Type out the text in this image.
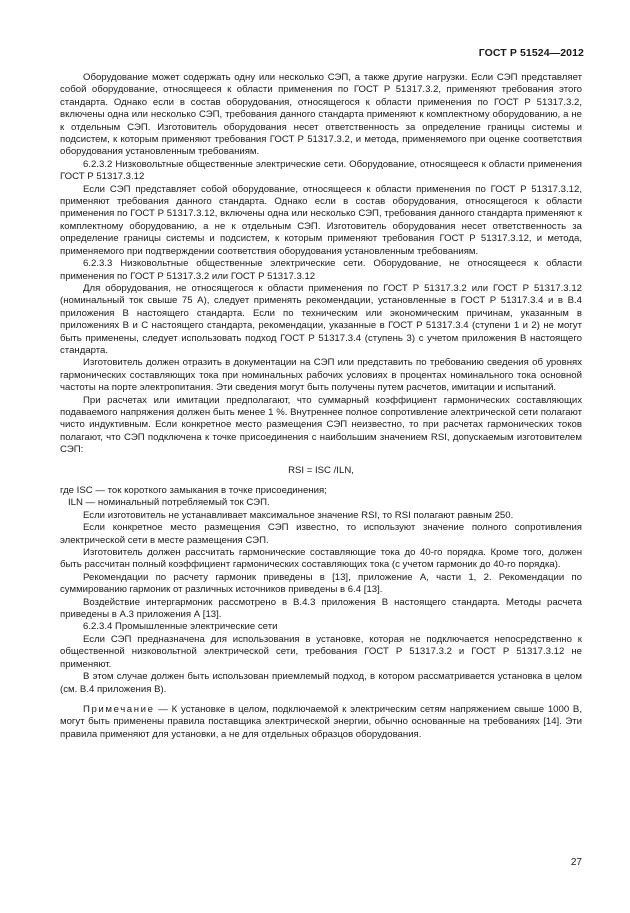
ГОСТ Р 51524—2012

Оборудование может содержать одну или несколько СЭП, а также другие нагрузки. Если СЭП представляет собой оборудование, относящееся к области применения по ГОСТ Р 51317.3.2, применяют требования этого стандарта. Однако если в состав оборудования, относящегося к области применения по ГОСТ Р 51317.3.2, включены одна или несколько СЭП, требования данного стандарта применяют к комплектному оборудованию, а не к отдельным СЭП. Изготовитель оборудования несет ответственность за определение границы системы и подсистем, к которым применяют требования ГОСТ Р 51317.3.2, и метода, применяемого при оценке соответствия оборудования установленным требованиям.

6.2.3.2 Низковольтные общественные электрические сети. Оборудование, относящееся к области применения ГОСТ Р 51317.3.12

Если СЭП представляет собой оборудование, относящееся к области применения по ГОСТ Р 51317.3.12, применяют требования данного стандарта. Однако если в состав оборудования, относящегося к области применения по ГОСТ Р 51317.3.12, включены одна или несколько СЭП, требования данного стандарта применяют к комплектному оборудованию, а не к отдельным СЭП. Изготовитель оборудования несет ответственность за определение границы системы и подсистем, к которым применяют требования ГОСТ Р 51317.3.12, и метода, применяемого при подтверждении соответствия оборудования установленным требованиям.

6.2.3.3 Низковольтные общественные электрические сети. Оборудование, не относящееся к области применения по ГОСТ Р 51317.3.2 или ГОСТ Р 51317.3.12

Для оборудования, не относящегося к области применения по ГОСТ Р 51317.3.2 или ГОСТ Р 51317.3.12 (номинальный ток свыше 75 А), следует применять рекомендации, установленные в ГОСТ Р 51317.3.4 и в В.4 приложения В настоящего стандарта. Если по техническим или экономическим причинам, указанным в приложениях В и С настоящего стандарта, рекомендации, указанные в ГОСТ Р 51317.3.4 (ступени 1 и 2) не могут быть применены, следует использовать подход ГОСТ Р 51317.3.4 (ступень 3) с учетом приложения В настоящего стандарта.

Изготовитель должен отразить в документации на СЭП или представить по требованию сведения об уровнях гармонических составляющих тока при номинальных рабочих условиях в процентах номинального тока основной частоты на порте электропитания. Эти сведения могут быть получены путем расчетов, имитации и испытаний.

При расчетах или имитации предполагают, что суммарный коэффициент гармонических составляющих подаваемого напряжения должен быть менее 1 %. Внутреннее полное сопротивление электрической сети полагают чисто индуктивным. Если конкретное место размещения СЭП неизвестно, то при расчетах гармонических токов полагают, что СЭП подключена к точке присоединения с наибольшим значением RSI, допускаемым изготовителем СЭП:

RSI = ISC /ILN,

где ISC — ток короткого замыкания в точке присоединения;

ILN — номинальный потребляемый ток СЭП.

Если изготовитель не устанавливает максимальное значение RSI, то RSI полагают равным 250.

Если конкретное место размещения СЭП известно, то используют значение полного сопротивления электрической сети в месте размещения СЭП.

Изготовитель должен рассчитать гармонические составляющие тока до 40-го порядка. Кроме того, должен быть рассчитан полный коэффициент гармонических составляющих тока (с учетом гармоник до 40-го порядка).

Рекомендации по расчету гармоник приведены в [13], приложение А, части 1, 2. Рекомендации по суммированию гармоник от различных источников приведены в 6.4 [13].

Воздействие интергармоник рассмотрено в В.4.3 приложения В настоящего стандарта. Методы расчета приведены в А.3 приложения А [13].

6.2.3.4 Промышленные электрические сети

Если СЭП предназначена для использования в установке, которая не подключается непосредственно к общественной низковольтной электрической сети, требования ГОСТ Р 51317.3.2 и ГОСТ Р 51317.3.12 не применяют.

В этом случае должен быть использован приемлемый подход, в котором рассматривается установка в целом (см. В.4 приложения В).

Примечание — К установке в целом, подключаемой к электрическим сетям напряжением свыше 1000 В, могут быть применены правила поставщика электрической энергии, обычно основанные на требованиях [14]. Эти правила применяют для установки, а не для отдельных образцов оборудования.

27
